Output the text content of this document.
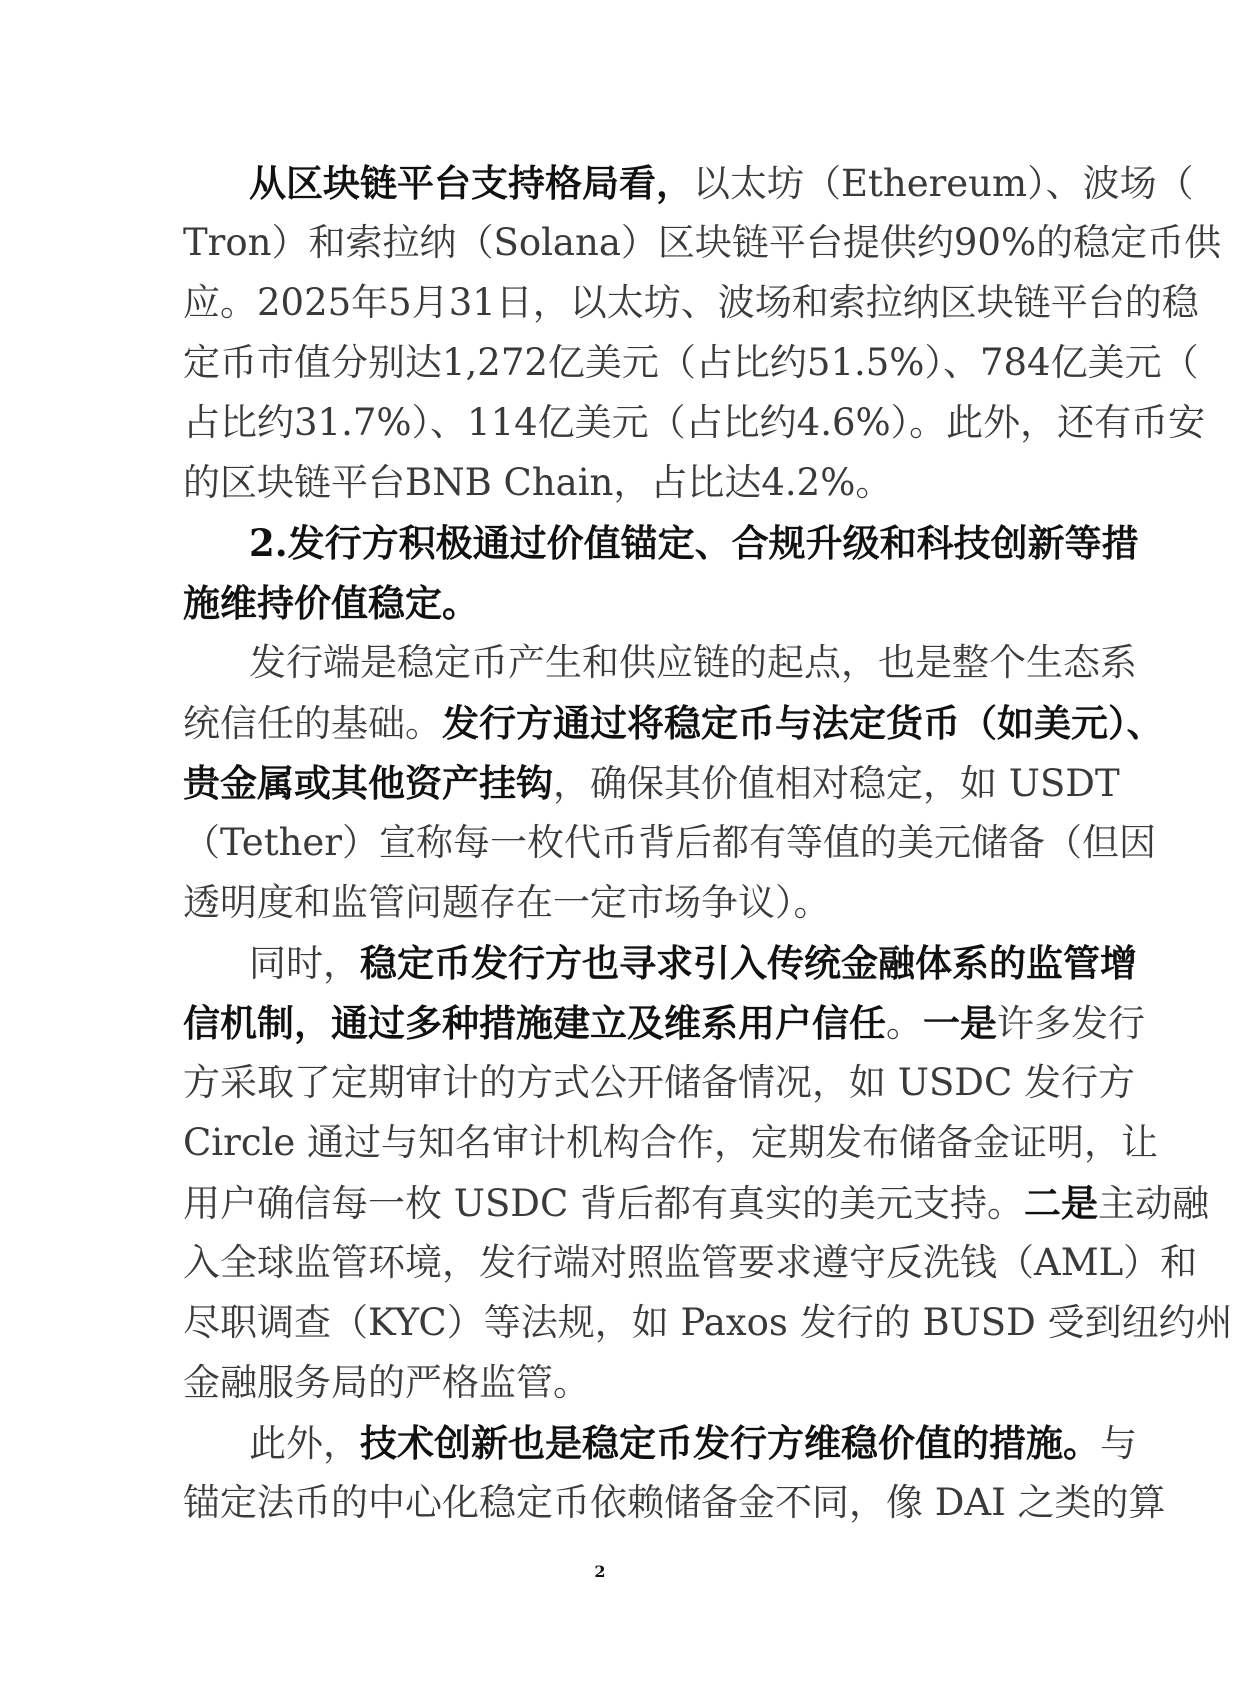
从区块链平台支持格局看，以太坊（Ethereum）、波场（
Tron）和索拉纳（Solana）区块链平台提供约90%的稳定币供
应。2025年5月31日，以太坊、波场和索拉纳区块链平台的稳
定币市值分别达1,272亿美元（占比约51.5%）、784亿美元（
占比约31.7%）、114亿美元（占比约4.6%）。此外，还有币安
的区块链平台BNB Chain，占比达4.2%。
2.发行方积极通过价值锚定、合规升级和科技创新等措
施维持价值稳定。
发行端是稳定币产生和供应链的起点，也是整个生态系
统信任的基础。发行方通过将稳定币与法定货币（如美元）、
贵金属或其他资产挂钩，确保其价值相对稳定，如 USDT
（Tether）宣称每一枚代币背后都有等值的美元储备（但因
透明度和监管问题存在一定市场争议）。
同时，稳定币发行方也寻求引入传统金融体系的监管增
信机制，通过多种措施建立及维系用户信任。一是许多发行
方采取了定期审计的方式公开储备情况，如 USDC 发行方
Circle 通过与知名审计机构合作，定期发布储备金证明，让
用户确信每一枚 USDC 背后都有真实的美元支持。二是主动融
入全球监管环境，发行端对照监管要求遵守反洗钱（AML）和
尽职调查（KYC）等法规，如 Paxos 发行的 BUSD 受到纽约州
金融服务局的严格监管。
此外，技术创新也是稳定币发行方维稳价值的措施。与
锚定法币的中心化稳定币依赖储备金不同，像 DAI 之类的算
2
